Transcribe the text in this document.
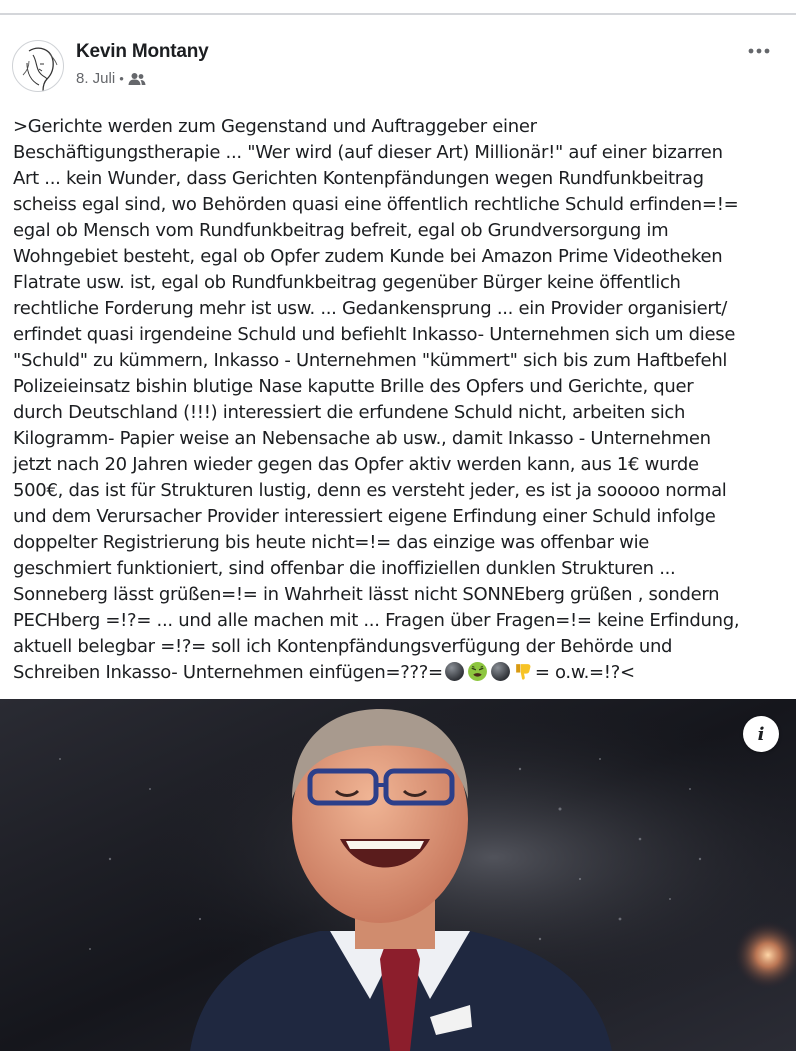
Kevin Montany
8. Juli •

>Gerichte werden zum Gegenstand und Auftraggeber einer
Beschäftigungstherapie ... "Wer wird (auf dieser Art) Millionär!" auf einer bizarren
Art ... kein Wunder, dass Gerichten Kontenpfändungen wegen Rundfunkbeitrag
scheiss egal sind, wo Behörden quasi eine öffentlich rechtliche Schuld erfinden=!=
egal ob Mensch vom Rundfunkbeitrag befreit, egal ob Grundversorgung im
Wohngebiet besteht, egal ob Opfer zudem Kunde bei Amazon Prime Videotheken
Flatrate usw. ist, egal ob Rundfunkbeitrag gegenüber Bürger keine öffentlich
rechtliche Forderung mehr ist usw. ... Gedankensprung ... ein Provider organisiert/
erfindet quasi irgendeine Schuld und befiehlt Inkasso- Unternehmen sich um diese
"Schuld" zu kümmern, Inkasso - Unternehmen "kümmert" sich bis zum Haftbefehl
Polizeieinsatz bishin blutige Nase kaputte Brille des Opfers und Gerichte, quer
durch Deutschland (!!!) interessiert die erfundene Schuld nicht, arbeiten sich
Kilogramm- Papier weise an Nebensache ab usw., damit Inkasso - Unternehmen
jetzt nach 20 Jahren wieder gegen das Opfer aktiv werden kann, aus 1€ wurde
500€, das ist für Strukturen lustig, denn es versteht jeder, es ist ja sooooo normal
und dem Verursacher Provider interessiert eigene Erfindung einer Schuld infolge
doppelter Registrierung bis heute nicht=!= das einzige was offenbar wie
geschmiert funktioniert, sind offenbar die inoffiziellen dunklen Strukturen ...
Sonneberg lässt grüßen=!= in Wahrheit lässt nicht SONNEberg grüßen , sondern
PECHberg =!?= ... und alle machen mit ... Fragen über Fragen=!= keine Erfindung,
aktuell belegbar =!?= soll ich Kontenpfändungsverfügung der Behörde und
Schreiben Inkasso- Unternehmen einfügen=???=	= o.w.=!?<

i
